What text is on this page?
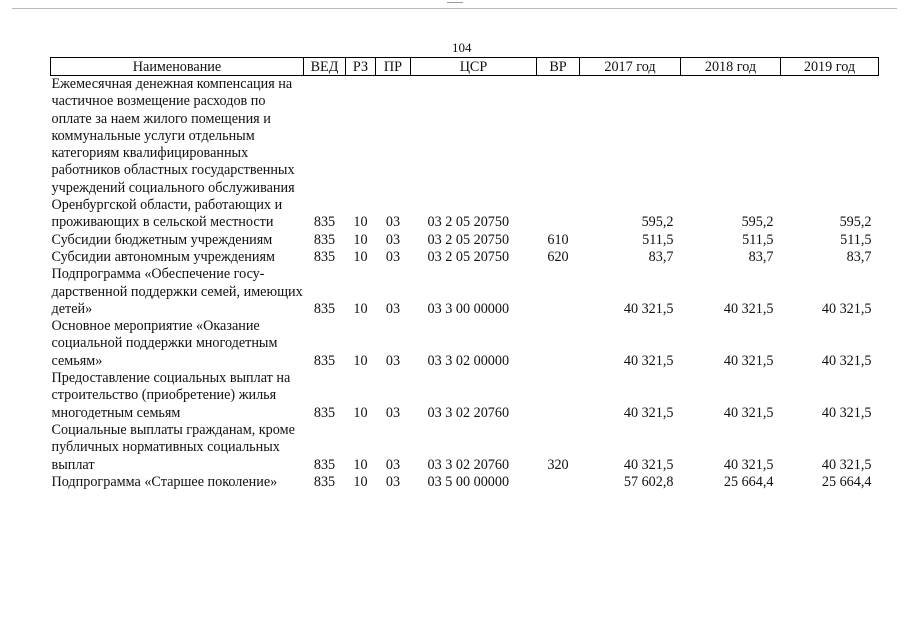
104
Наименование	ВЕД	РЗ	ПР	ЦСР	ВР	2017 год	2018 год	2019 год
Ежемесячная денежная компенсация на частичное возмещение расходов по оплате за наем жилого помещения и коммунальные услуги отдельным категориям квалифицированных работников областных государственных учреждений социального обслуживания Оренбургской области, работающих и проживающих в сельской местности	835	10	03	03 2 05 20750		595,2	595,2	595,2
Субсидии бюджетным учреждениям	835	10	03	03 2 05 20750	610	511,5	511,5	511,5
Субсидии автономным учреждениям	835	10	03	03 2 05 20750	620	83,7	83,7	83,7
Подпрограмма «Обеспечение государственной поддержки семей, имеющих детей»	835	10	03	03 3 00 00000		40 321,5	40 321,5	40 321,5
Основное мероприятие «Оказание социальной поддержки многодетным семьям»	835	10	03	03 3 02 00000		40 321,5	40 321,5	40 321,5
Предоставление социальных выплат на строительство (приобретение) жилья многодетным семьям	835	10	03	03 3 02 20760		40 321,5	40 321,5	40 321,5
Социальные выплаты гражданам, кроме публичных нормативных социальных выплат	835	10	03	03 3 02 20760	320	40 321,5	40 321,5	40 321,5
Подпрограмма «Старшее поколение»	835	10	03	03 5 00 00000		57 602,8	25 664,4	25 664,4
